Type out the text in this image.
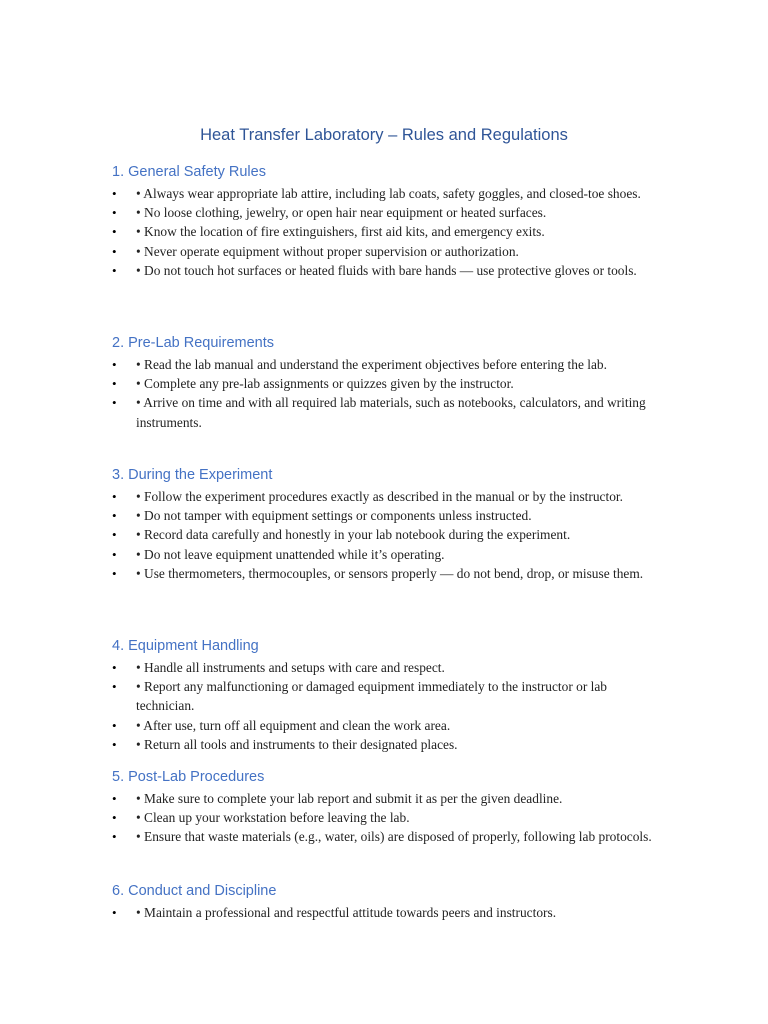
Heat Transfer Laboratory – Rules and Regulations
1. General Safety Rules
• • Always wear appropriate lab attire, including lab coats, safety goggles, and closed-toe shoes.
• • No loose clothing, jewelry, or open hair near equipment or heated surfaces.
• • Know the location of fire extinguishers, first aid kits, and emergency exits.
• • Never operate equipment without proper supervision or authorization.
• • Do not touch hot surfaces or heated fluids with bare hands — use protective gloves or tools.
2. Pre-Lab Requirements
• • Read the lab manual and understand the experiment objectives before entering the lab.
• • Complete any pre-lab assignments or quizzes given by the instructor.
• • Arrive on time and with all required lab materials, such as notebooks, calculators, and writing instruments.
3. During the Experiment
• • Follow the experiment procedures exactly as described in the manual or by the instructor.
• • Do not tamper with equipment settings or components unless instructed.
• • Record data carefully and honestly in your lab notebook during the experiment.
• • Do not leave equipment unattended while it’s operating.
• • Use thermometers, thermocouples, or sensors properly — do not bend, drop, or misuse them.
4. Equipment Handling
• • Handle all instruments and setups with care and respect.
• • Report any malfunctioning or damaged equipment immediately to the instructor or lab technician.
• • After use, turn off all equipment and clean the work area.
• • Return all tools and instruments to their designated places.
5. Post-Lab Procedures
• • Make sure to complete your lab report and submit it as per the given deadline.
• • Clean up your workstation before leaving the lab.
• • Ensure that waste materials (e.g., water, oils) are disposed of properly, following lab protocols.
6. Conduct and Discipline
• • Maintain a professional and respectful attitude towards peers and instructors.
